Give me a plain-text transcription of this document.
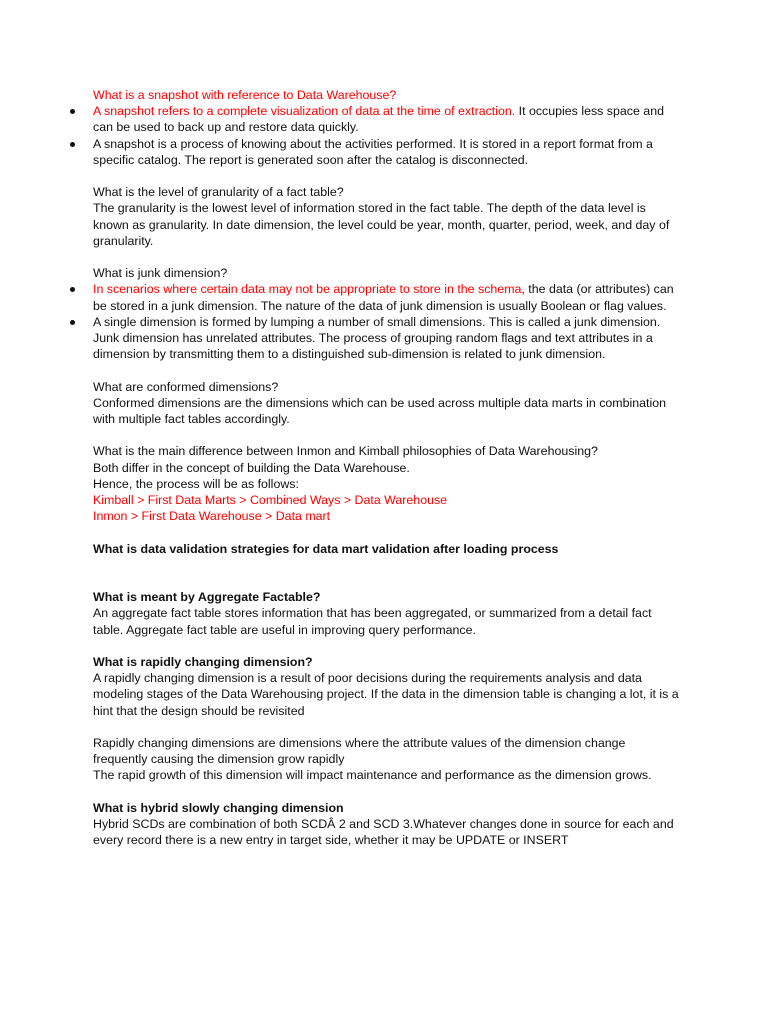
What is a snapshot with reference to Data Warehouse?

A snapshot refers to a complete visualization of data at the time of extraction. It occupies less space and can be used to back up and restore data quickly.

A snapshot is a process of knowing about the activities performed. It is stored in a report format from a specific catalog. The report is generated soon after the catalog is disconnected.

What is the level of granularity of a fact table?

The granularity is the lowest level of information stored in the fact table. The depth of the data level is known as granularity. In date dimension, the level could be year, month, quarter, period, week, and day of granularity.

What is junk dimension?

In scenarios where certain data may not be appropriate to store in the schema, the data (or attributes) can be stored in a junk dimension. The nature of the data of junk dimension is usually Boolean or flag values.

A single dimension is formed by lumping a number of small dimensions. This is called a junk dimension. Junk dimension has unrelated attributes. The process of grouping random flags and text attributes in a dimension by transmitting them to a distinguished sub-dimension is related to junk dimension.

What are conformed dimensions?

Conformed dimensions are the dimensions which can be used across multiple data marts in combination with multiple fact tables accordingly.

What is the main difference between Inmon and Kimball philosophies of Data Warehousing?

Both differ in the concept of building the Data Warehouse.

Hence, the process will be as follows:

Kimball > First Data Marts > Combined Ways > Data Warehouse

Inmon > First Data Warehouse > Data mart

What is data validation strategies for data mart validation after loading process

What is meant by Aggregate Factable?

An aggregate fact table stores information that has been aggregated, or summarized from a detail fact table. Aggregate fact table are useful in improving query performance.

What is rapidly changing dimension?

A rapidly changing dimension is a result of poor decisions during the requirements analysis and data modeling stages of the Data Warehousing project. If the data in the dimension table is changing a lot, it is a hint that the design should be revisited

Rapidly changing dimensions are dimensions where the attribute values of the dimension change frequently causing the dimension grow rapidly

The rapid growth of this dimension will impact maintenance and performance as the dimension grows.

What is hybrid slowly changing dimension

Hybrid SCDs are combination of both SCDÂ 2 and SCD 3.Whatever changes done in source for each and every record there is a new entry in target side, whether it may be UPDATE or INSERT
